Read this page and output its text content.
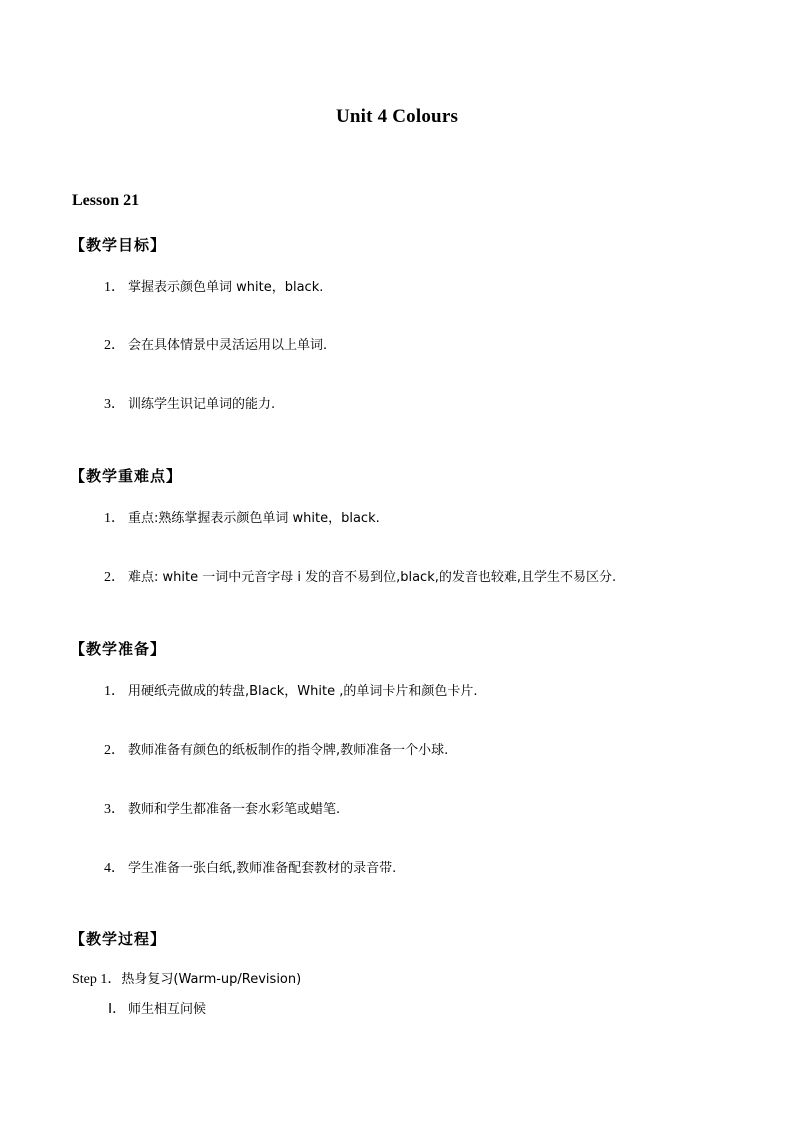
Unit 4 Colours
Lesson 21
【教学目标】
1． 掌握表示颜色单词 white，black.
2． 会在具体情景中灵活运用以上单词.
3． 训练学生识记单词的能力.
【教学重难点】
1． 重点:熟练掌握表示颜色单词 white，black.
2． 难点: white 一词中元音字母 i 发的音不易到位,black,的发音也较难,且学生不易区分.
【教学准备】
1． 用硬纸壳做成的转盘,Black，White ,的单词卡片和颜色卡片.
2． 教师准备有颜色的纸板制作的指令牌,教师准备一个小球.
3． 教师和学生都准备一套水彩笔或蜡笔.
4． 学生准备一张白纸,教师准备配套教材的录音带.
【教学过程】
Step 1．热身复习(Warm-up/Revision)
Ⅰ． 师生相互问候
